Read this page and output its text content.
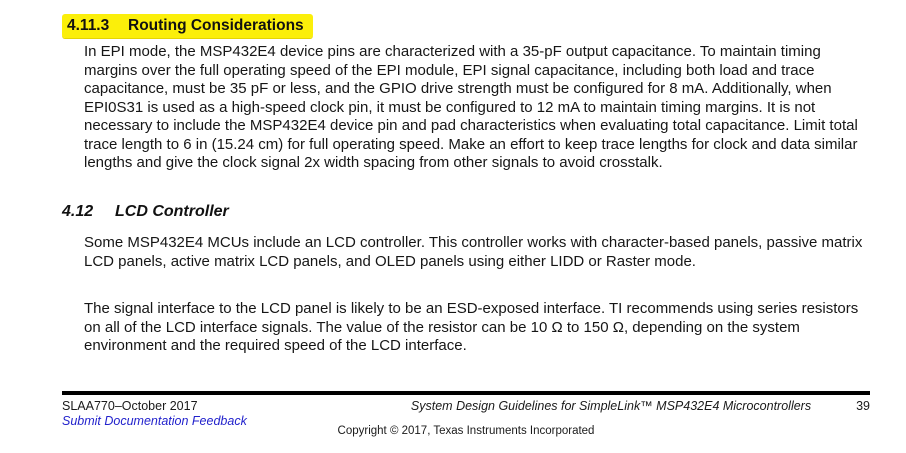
4.11.3 Routing Considerations

In EPI mode, the MSP432E4 device pins are characterized with a 35-pF output capacitance. To maintain timing margins over the full operating speed of the EPI module, EPI signal capacitance, including both load and trace capacitance, must be 35 pF or less, and the GPIO drive strength must be configured for 8 mA. Additionally, when EPI0S31 is used as a high-speed clock pin, it must be configured to 12 mA to maintain timing margins. It is not necessary to include the MSP432E4 device pin and pad characteristics when evaluating total capacitance. Limit total trace length to 6 in (15.24 cm) for full operating speed. Make an effort to keep trace lengths for clock and data similar lengths and give the clock signal 2x width spacing from other signals to avoid crosstalk.

4.12 LCD Controller

Some MSP432E4 MCUs include an LCD controller. This controller works with character-based panels, passive matrix LCD panels, active matrix LCD panels, and OLED panels using either LIDD or Raster mode.

The signal interface to the LCD panel is likely to be an ESD-exposed interface. TI recommends using series resistors on all of the LCD interface signals. The value of the resistor can be 10 Ω to 150 Ω, depending on the system environment and the required speed of the LCD interface.

SLAA770–October 2017
Submit Documentation Feedback
System Design Guidelines for SimpleLink™ MSP432E4 Microcontrollers	39
Copyright © 2017, Texas Instruments Incorporated
